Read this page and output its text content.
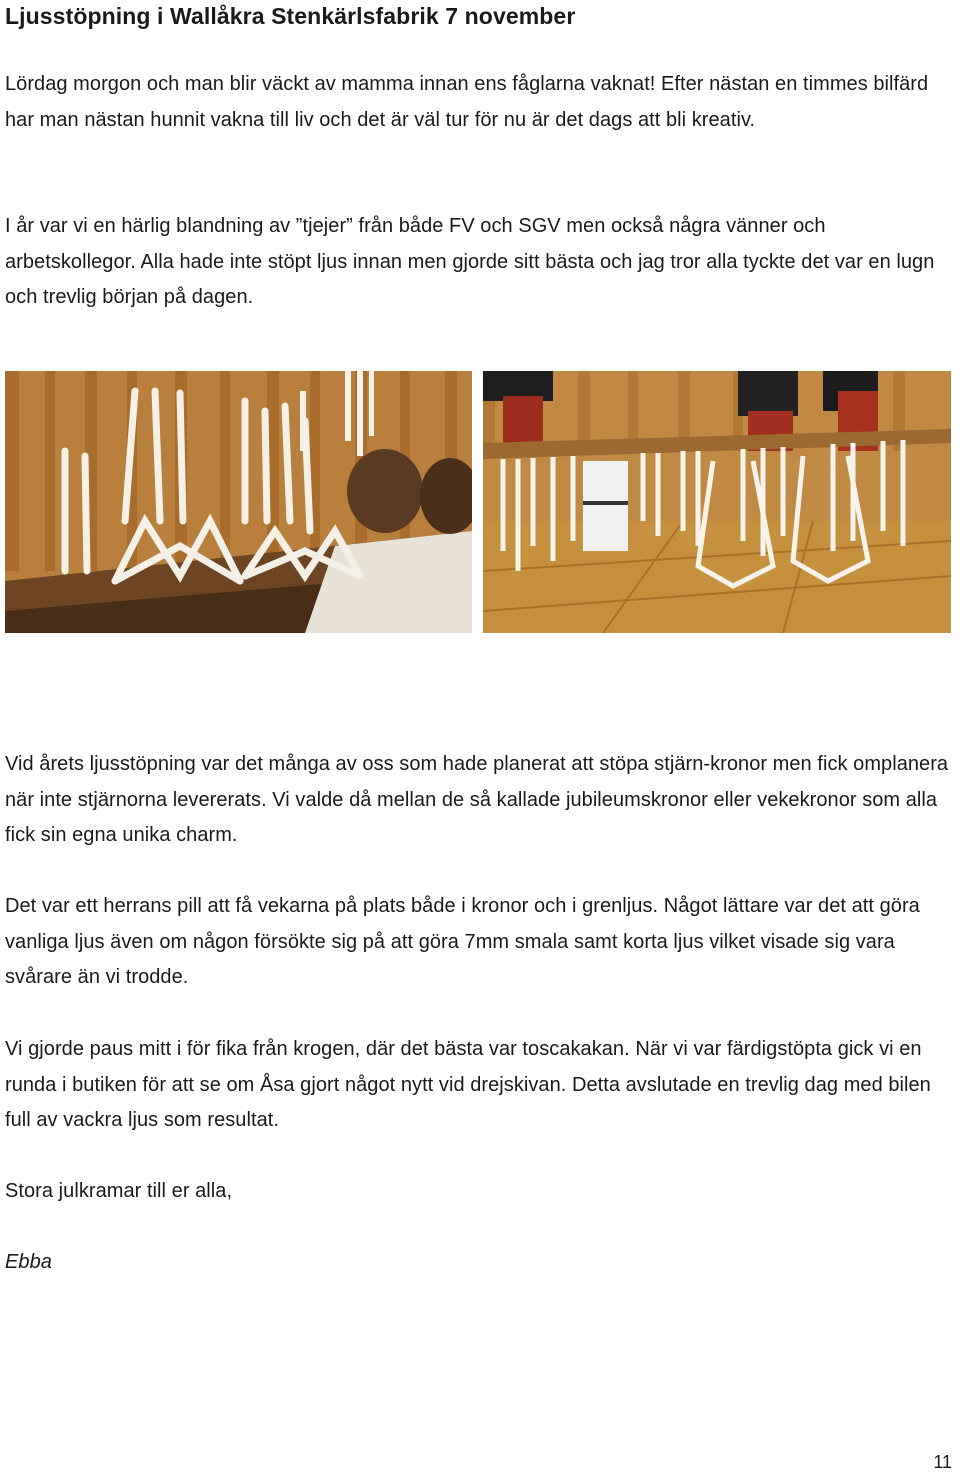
Ljusstöpning i Wallåkra Stenkärlsfabrik 7 november

Lördag morgon och man blir väckt av mamma innan ens fåglarna vaknat! Efter nästan en timmes bilfärd har man nästan hunnit vakna till liv och det är väl tur för nu är det dags att bli kreativ.

I år var vi en härlig blandning av ”tjejer” från både FV och SGV men också några vänner och arbetskollegor. Alla hade inte stöpt ljus innan men gjorde sitt bästa och jag tror alla tyckte det var en lugn och trevlig början på dagen.

Vid årets ljusstöpning var det många av oss som hade planerat att stöpa stjärn-kronor men fick omplanera när inte stjärnorna levererats. Vi valde då mellan de så kallade jubileumskronor eller vekekronor som alla fick sin egna unika charm.

Det var ett herrans pill att få vekarna på plats både i kronor och i grenljus. Något lättare var det att göra vanliga ljus även om någon försökte sig på att göra 7mm smala samt korta ljus vilket visade sig vara svårare än vi trodde.

Vi gjorde paus mitt i för fika från krogen, där det bästa var toscakakan. När vi var färdigstöpta gick vi en runda i butiken för att se om Åsa gjort något nytt vid drejskivan. Detta avslutade en trevlig dag med bilen full av vackra ljus som resultat.

Stora julkramar till er alla,

Ebba

11
